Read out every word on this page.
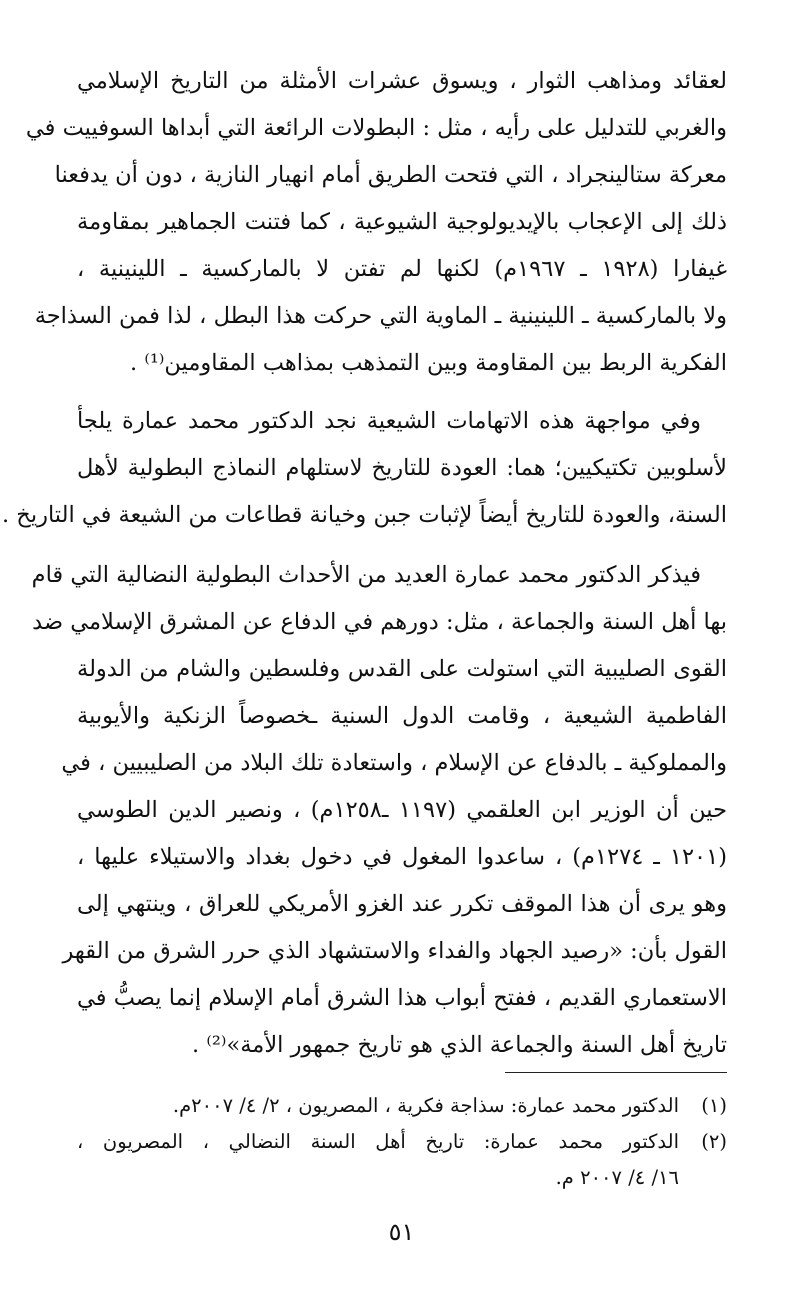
لعقائد ومذاهب الثوار ، ويسوق عشرات الأمثلة من التاريخ الإسلامي
والغربي للتدليل على رأيه ، مثل : البطولات الرائعة التي أبداها السوفييت في
معركة ستالينجراد ، التي فتحت الطريق أمام انهيار النازية ، دون أن يدفعنا
ذلك إلى الإعجاب بالإيديولوجية الشيوعية ، كما فتنت الجماهير بمقاومة
غيفارا (١٩٢٨ ـ ١٩٦٧م) لكنها لم تفتن لا بالماركسية ـ اللينينية ،
ولا بالماركسية ـ اللينينية ـ الماوية التي حركت هذا البطل ، لذا فمن السذاجة
الفكرية الربط بين المقاومة وبين التمذهب بمذاهب المقاومين⁽¹⁾ .
وفي مواجهة هذه الاتهامات الشيعية نجد الدكتور محمد عمارة يلجأ
لأسلوبين تكتيكيين؛ هما: العودة للتاريخ لاستلهام النماذج البطولية لأهل
السنة، والعودة للتاريخ أيضاً لإثبات جبن وخيانة قطاعات من الشيعة في التاريخ .
فيذكر الدكتور محمد عمارة العديد من الأحداث البطولية النضالية التي قام
بها أهل السنة والجماعة ، مثل: دورهم في الدفاع عن المشرق الإسلامي ضد
القوى الصليبية التي استولت على القدس وفلسطين والشام من الدولة
الفاطمية الشيعية ، وقامت الدول السنية ـخصوصاً الزنكية والأيوبية
والمملوكية ـ بالدفاع عن الإسلام ، واستعادة تلك البلاد من الصليبيين ، في
حين أن الوزير ابن العلقمي (١١٩٧ ـ١٢٥٨م) ، ونصير الدين الطوسي
(١٢٠١ ـ ١٢٧٤م) ، ساعدوا المغول في دخول بغداد والاستيلاء عليها ،
وهو يرى أن هذا الموقف تكرر عند الغزو الأمريكي للعراق ، وينتهي إلى
القول بأن: «رصيد الجهاد والفداء والاستشهاد الذي حرر الشرق من القهر
الاستعماري القديم ، ففتح أبواب هذا الشرق أمام الإسلام إنما يصبُّ في
تاريخ أهل السنة والجماعة الذي هو تاريخ جمهور الأمة»⁽²⁾ .
(١)
الدكتور محمد عمارة: سذاجة فكرية ، المصريون ، ٢/ ٤/ ٢٠٠٧م.
(٢)
الدكتور محمد عمارة: تاريخ أهل السنة النضالي ، المصريون ،
١٦/ ٤/ ٢٠٠٧ م.
٥١
